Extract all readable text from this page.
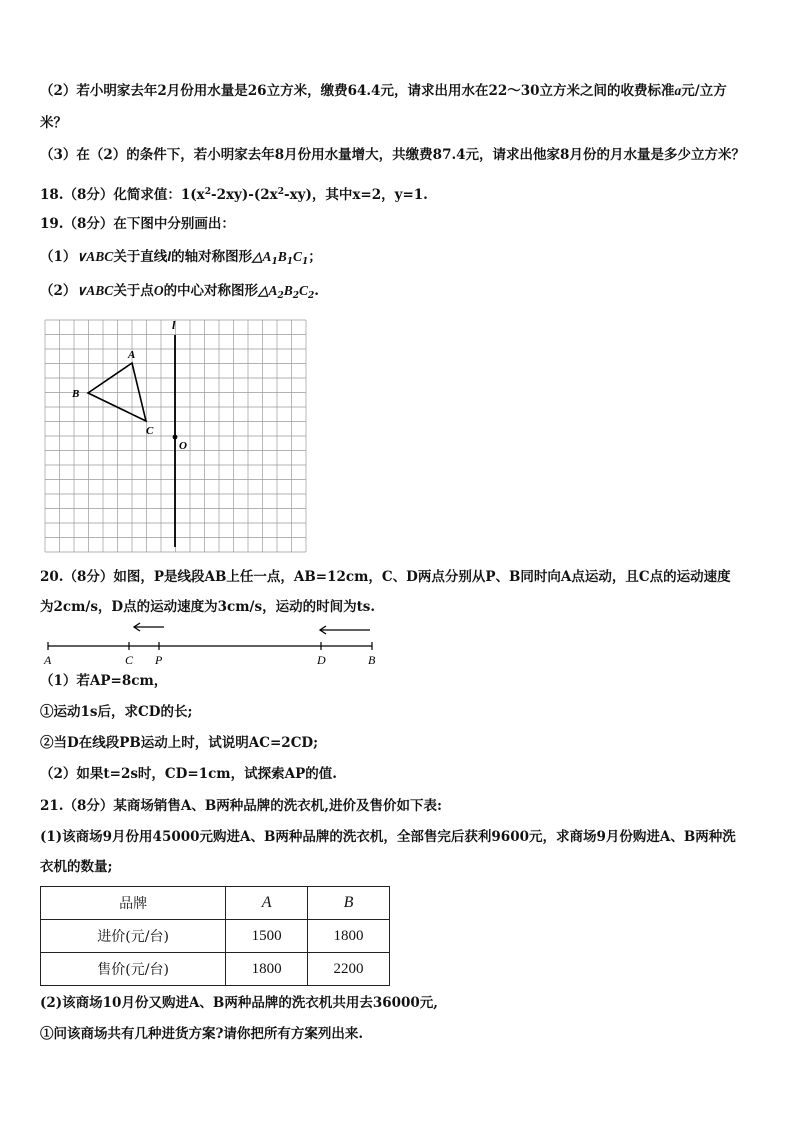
（2）若小明家去年2月份用水量是26立方米，缴费64.4元，请求出用水在22～30立方米之间的收费标准a元/立方
米？
（3）在（2）的条件下，若小明家去年8月份用水量增大，共缴费87.4元，请求出他家8月份的月水量是多少立方米？
18.（8分）化简求值：$1(x^2-2xy)-(2x^2-xy)$，其中x=2，y=1.
19.（8分）在下图中分别画出：
（1）∨ABC关于直线l的轴对称图形$\triangle A_1B_1C_1$；
（2）∨ABC关于点O的中心对称图形$\triangle A_2B_2C_2$.
l
A
B
C
O
20.（8分）如图，P是线段AB上任一点，AB=12cm，C、D两点分别从P、B同时向A点运动，且C点的运动速度
为2cm/s，D点的运动速度为3cm/s，运动的时间为ts.
A	C P	D	B
（1）若AP=8cm，
①运动1s后，求CD的长;
②当D在线段PB运动上时，试说明AC=2CD;
（2）如果t=2s时，CD=1cm，试探索AP的值.
21.（8分）某商场销售A、B两种品牌的洗衣机,进价及售价如下表:
(1)该商场9月份用45000元购进A、B两种品牌的洗衣机，全部售完后获利9600元，求商场9月份购进A、B两种洗
衣机的数量;
品牌	A	B
进价(元/台)	1500	1800
售价(元/台)	1800	2200
(2)该商场10月份又购进A、B两种品牌的洗衣机共用去36000元,
①问该商场共有几种进货方案?请你把所有方案列出来.
